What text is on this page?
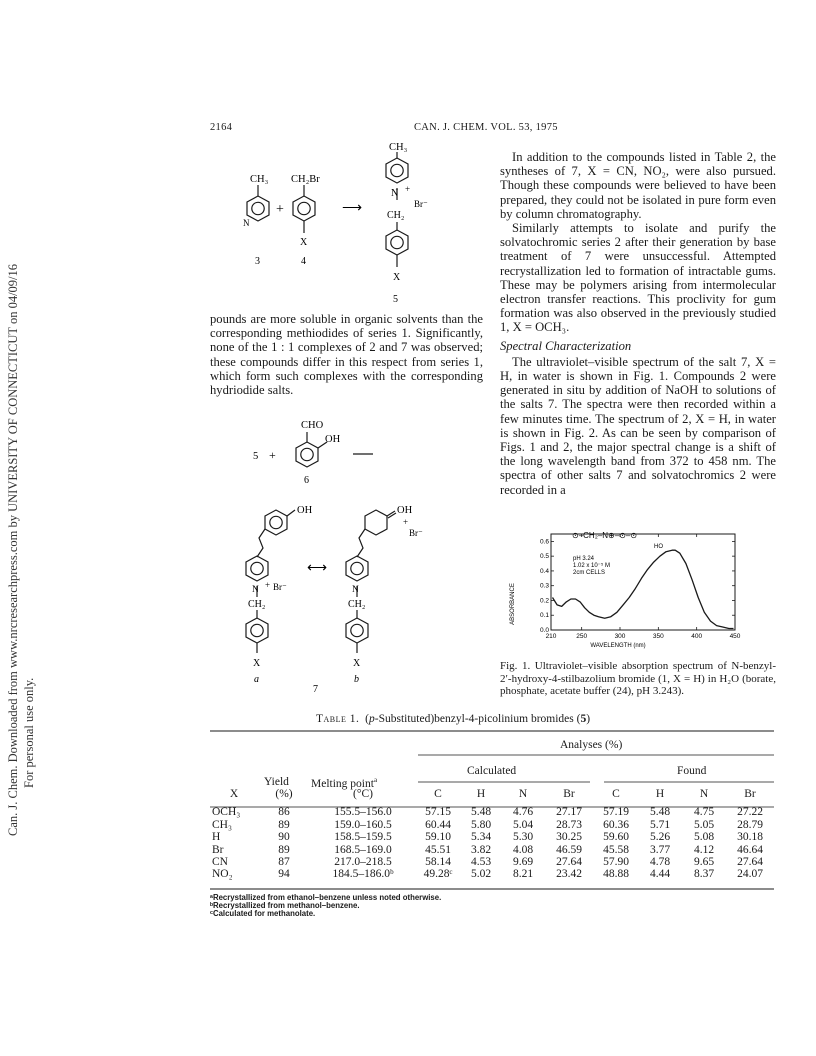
Can. J. Chem. Downloaded from www.nrcresearchpress.com by UNIVERSITY OF CONNECTICUT on 04/09/16 For personal use only.
2164	CAN. J. CHEM. VOL. 53, 1975
CH₃
N
CH₂Br
+
X
3	4
⟶
CH₃
N +
Br⁻
CH₂
X
5

pounds are more soluble in organic solvents than the corresponding methiodides of series 1. Significantly, none of the 1 : 1 complexes of 2 and 7 was observed; these compounds differ in this respect from series 1, which form such complexes with the corresponding hydriodide salts.

CHO
OH
5 +
6
OH	OH
+
Br⁻
⟷
N	N
+ Br⁻
CH₂	CH₂
X	X
a	b
7

In addition to the compounds listed in Table 2, the syntheses of 7, X = CN, NO₂, were also pursued. Though these compounds were believed to have been prepared, they could not be isolated in pure form even by column chromatography.

Similarly attempts to isolate and purify the solvatochromic series 2 after their generation by base treatment of 7 were unsuccessful. Attempted recrystallization led to formation of intractable gums. These may be polymers arising from intermolecular electron transfer reactions. This proclivity for gum formation was also observed in the previously studied 1, X = OCH₃.

Spectral Characterization

The ultraviolet–visible spectrum of the salt 7, X = H, in water is shown in Fig. 1. Compounds 2 were generated in situ by addition of NaOH to solutions of the salts 7. The spectra were then recorded within a few minutes time. The spectrum of 2, X = H, in water is shown in Fig. 2. As can be seen by comparison of Figs. 1 and 2, the major spectral change is a shift of the long wavelength band from 372 to 458 nm. The spectra of other salts 7 and solvatochromics 2 were recorded in a

ABSORBANCE
WAVELENGTH (nm)
⊙–CH₂–N⊕–⊙–⊙
HO
pH 3.24
1.02 x 10⁻⁵ M
2cm CELLS
210	250	300	350	400	450
0.0
0.1
0.2
0.3
0.4
0.5
0.6
Fig. 1. Ultraviolet–visible absorption spectrum of N-benzyl-2′-hydroxy-4-stilbazolium bromide (1, X = H) in H₂O (borate, phosphate, acetate buffer (24), pH 3.243).
Table 1.  (p-Substituted)benzyl-4-picolinium bromides (5)
Analyses (%)
Calculated	Found
Yield Melting point$^a$
X	(%)	(°C)	C	H	N	Br	C	H	N	Br

OCH₃	86	155.5–156.0	57.15	5.48	4.76	27.17	57.19	5.48	4.75	27.22
CH₃	89	159.0–160.5	60.44	5.80	5.04	28.73	60.36	5.71	5.05	28.79
H	90	158.5–159.5	59.10	5.34	5.30	30.25	59.60	5.26	5.08	30.18
Br	89	168.5–169.0	45.51	3.82	4.08	46.59	45.58	3.77	4.12	46.64
CN	87	217.0–218.5	58.14	4.53	9.69	27.64	57.90	4.78	9.65	27.64
NO₂	94	184.5–186.0ᵇ	49.28ᶜ	5.02	8.21	23.42	48.88	4.44	8.37	24.07
ᵃRecrystallized from ethanol–benzene unless noted otherwise.
ᵇRecrystallized from methanol–benzene.
ᶜCalculated for methanolate.
